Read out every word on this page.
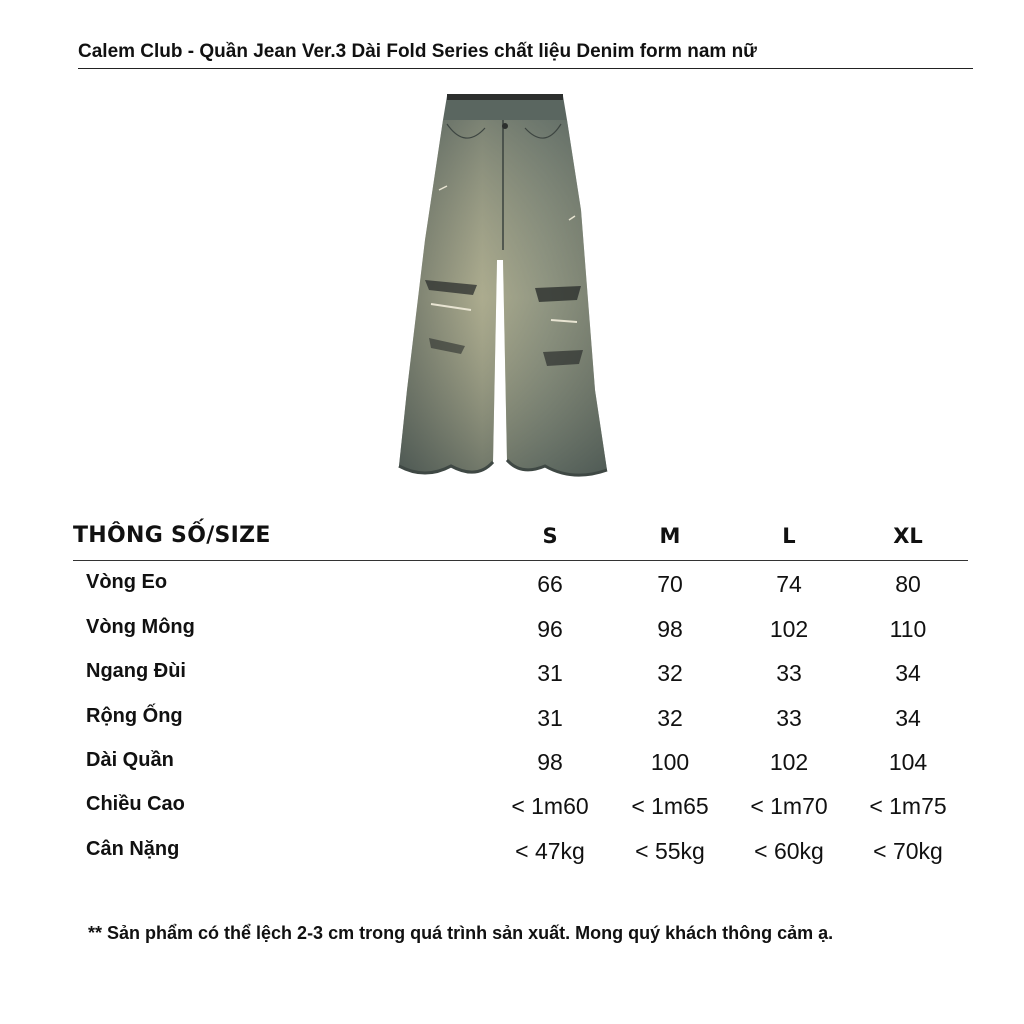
Calem Club - Quần Jean Ver.3 Dài Fold Series chất liệu Denim form nam nữ
THÔNG SỐ/SIZE	S	M	L	XL
Vòng Eo	66	70	74	80
Vòng Mông	96	98	102	110
Ngang Đùi	31	32	33	34
Rộng Ống	31	32	33	34
Dài Quần	98	100	102	104
Chiều Cao	< 1m60	< 1m65	< 1m70	< 1m75
Cân Nặng	< 47kg	< 55kg	< 60kg	< 70kg
** Sản phẩm có thể lệch 2-3 cm trong quá trình sản xuất. Mong quý khách thông cảm ạ.
